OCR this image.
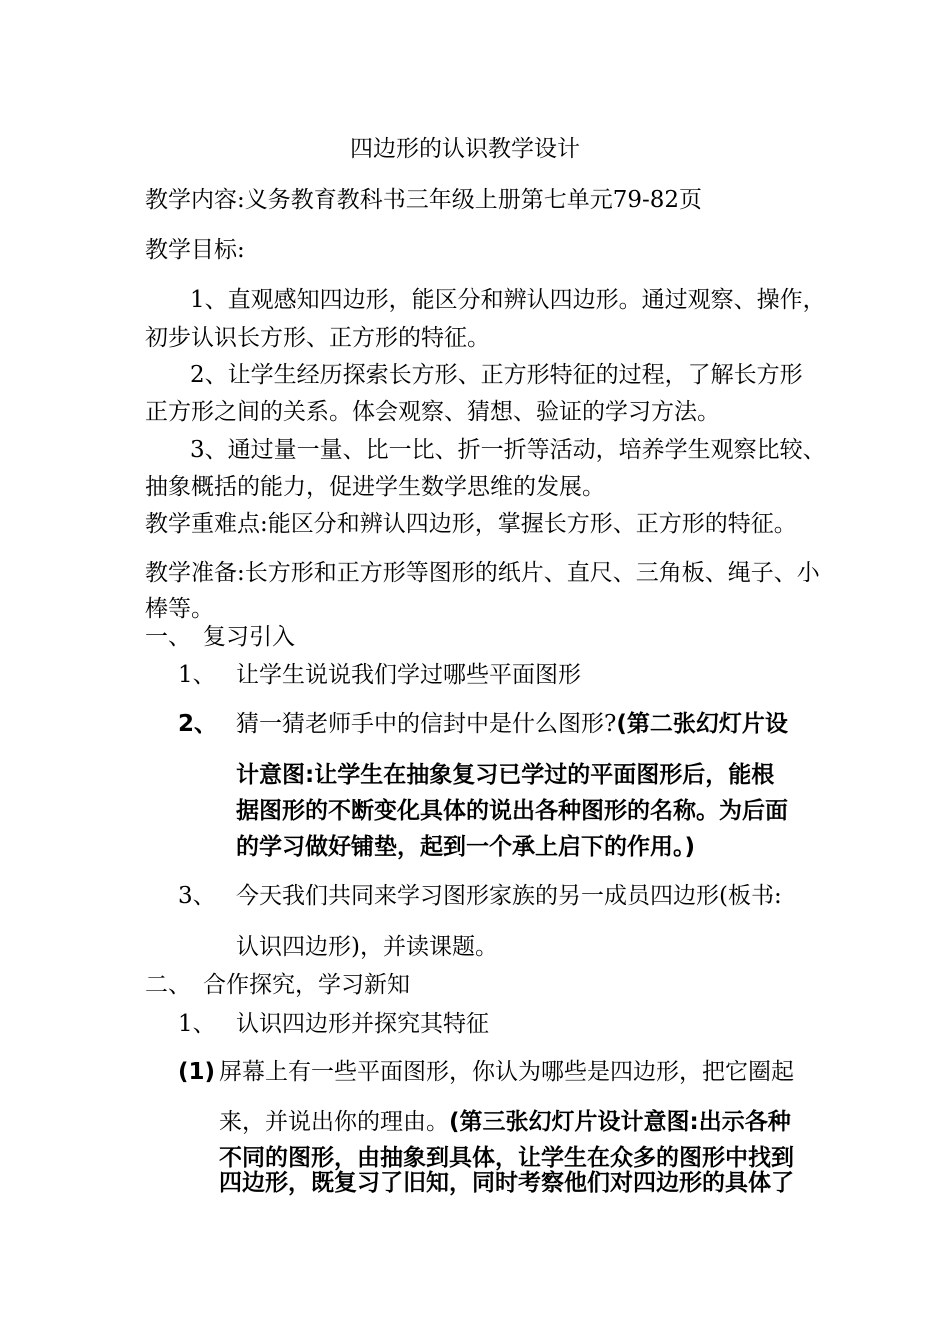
四边形的认识教学设计
教学内容:义务教育教科书三年级上册第七单元79-82页
教学目标:
1、直观感知四边形，能区分和辨认四边形。通过观察、操作，
初步认识长方形、正方形的特征。
2、让学生经历探索长方形、正方形特征的过程，了解长方形
正方形之间的关系。体会观察、猜想、验证的学习方法。
3、通过量一量、比一比、折一折等活动，培养学生观察比较、
抽象概括的能力，促进学生数学思维的发展。
教学重难点:能区分和辨认四边形，掌握长方形、正方形的特征。
教学准备:长方形和正方形等图形的纸片、直尺、三角板、绳子、小
棒等。
一、 复习引入
1、 让学生说说我们学过哪些平面图形
2、 猜一猜老师手中的信封中是什么图形?(第二张幻灯片设
计意图:让学生在抽象复习已学过的平面图形后，能根
据图形的不断变化具体的说出各种图形的名称。为后面
的学习做好铺垫，起到一个承上启下的作用。)
3、 今天我们共同来学习图形家族的另一成员四边形(板书:
认识四边形)，并读课题。
二、 合作探究，学习新知
1、 认识四边形并探究其特征
(1) 屏幕上有一些平面图形，你认为哪些是四边形，把它圈起
来，并说出你的理由。(第三张幻灯片设计意图:出示各种
不同的图形，由抽象到具体，让学生在众多的图形中找到
四边形，既复习了旧知，同时考察他们对四边形的具体了
